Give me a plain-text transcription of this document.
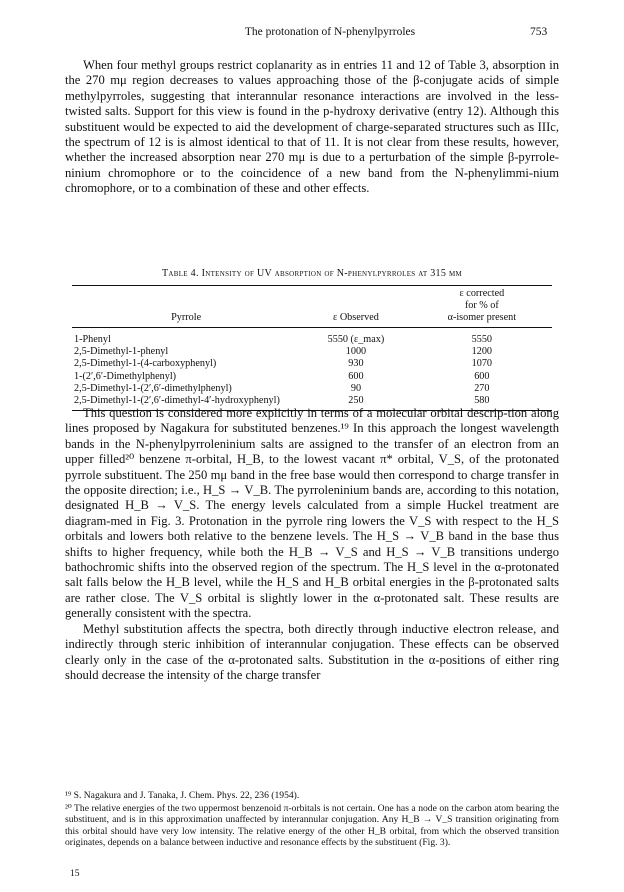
The protonation of N-phenylpyrroles	753

When four methyl groups restrict coplanarity as in entries 11 and 12 of Table 3, absorption in the 270 mμ region decreases to values approaching those of the β-conjugate acids of simple methylpyrroles, suggesting that interannular resonance interactions are involved in the less-twisted salts. Support for this view is found in the p-hydroxy derivative (entry 12). Although this substituent would be expected to aid the development of charge-separated structures such as IIIc, the spectrum of 12 is is almost identical to that of 11. It is not clear from these results, however, whether the increased absorption near 270 mμ is due to a perturbation of the simple β-pyrrole-ninium chromophore or to the coincidence of a new band from the N-phenylimmi-nium chromophore, or to a combination of these and other effects.

Table 4. Intensity of UV absorption of N-phenylpyrroles at 315 mμ
Pyrrole	ε Observed	ε corrected
for % of
α-isomer present

1-Phenyl	5550 (ε_max)	5550
2,5-Dimethyl-1-phenyl	1000	1200
2,5-Dimethyl-1-(4-carboxyphenyl)	930	1070
1-(2′,6′-Dimethylphenyl)	600	600
2,5-Dimethyl-1-(2′,6′-dimethylphenyl)	90	270
2,5-Dimethyl-1-(2′,6′-dimethyl-4′-hydroxyphenyl)	250	580

This question is considered more explicitly in terms of a molecular orbital descrip-tion along lines proposed by Nagakura for substituted benzenes.¹⁹ In this approach the longest wavelength bands in the N-phenylpyrroleninium salts are assigned to the transfer of an electron from an upper filled²⁰ benzene π-orbital, H_B, to the lowest vacant π* orbital, V_S, of the protonated pyrrole substituent. The 250 mμ band in the free base would then correspond to charge transfer in the opposite direction; i.e., H_S → V_B. The pyrroleninium bands are, according to this notation, designated H_B → V_S. The energy levels calculated from a simple Huckel treatment are diagram-med in Fig. 3. Protonation in the pyrrole ring lowers the V_S with respect to the H_S orbitals and lowers both relative to the benzene levels. The H_S → V_B band in the base thus shifts to higher frequency, while both the H_B → V_S and H_S → V_B transitions undergo bathochromic shifts into the observed region of the spectrum. The H_S level in the α-protonated salt falls below the H_B level, while the H_S and H_B orbital energies in the β-protonated salts are rather close. The V_S orbital is slightly lower in the α-protonated salt. These results are generally consistent with the spectra.

Methyl substitution affects the spectra, both directly through inductive electron release, and indirectly through steric inhibition of interannular conjugation. These effects can be observed clearly only in the case of the α-protonated salts. Substitution in the α-positions of either ring should decrease the intensity of the charge transfer

¹⁹ S. Nagakura and J. Tanaka, J. Chem. Phys. 22, 236 (1954).

²⁰ The relative energies of the two uppermost benzenoid π-orbitals is not certain. One has a node on the carbon atom bearing the substituent, and is in this approximation unaffected by interannular conjugation. Any H_B → V_S transition originating from this orbital should have very low intensity. The relative energy of the other H_B orbital, from which the observed transition originates, depends on a balance between inductive and resonance effects by the substituent (Fig. 3).

15
